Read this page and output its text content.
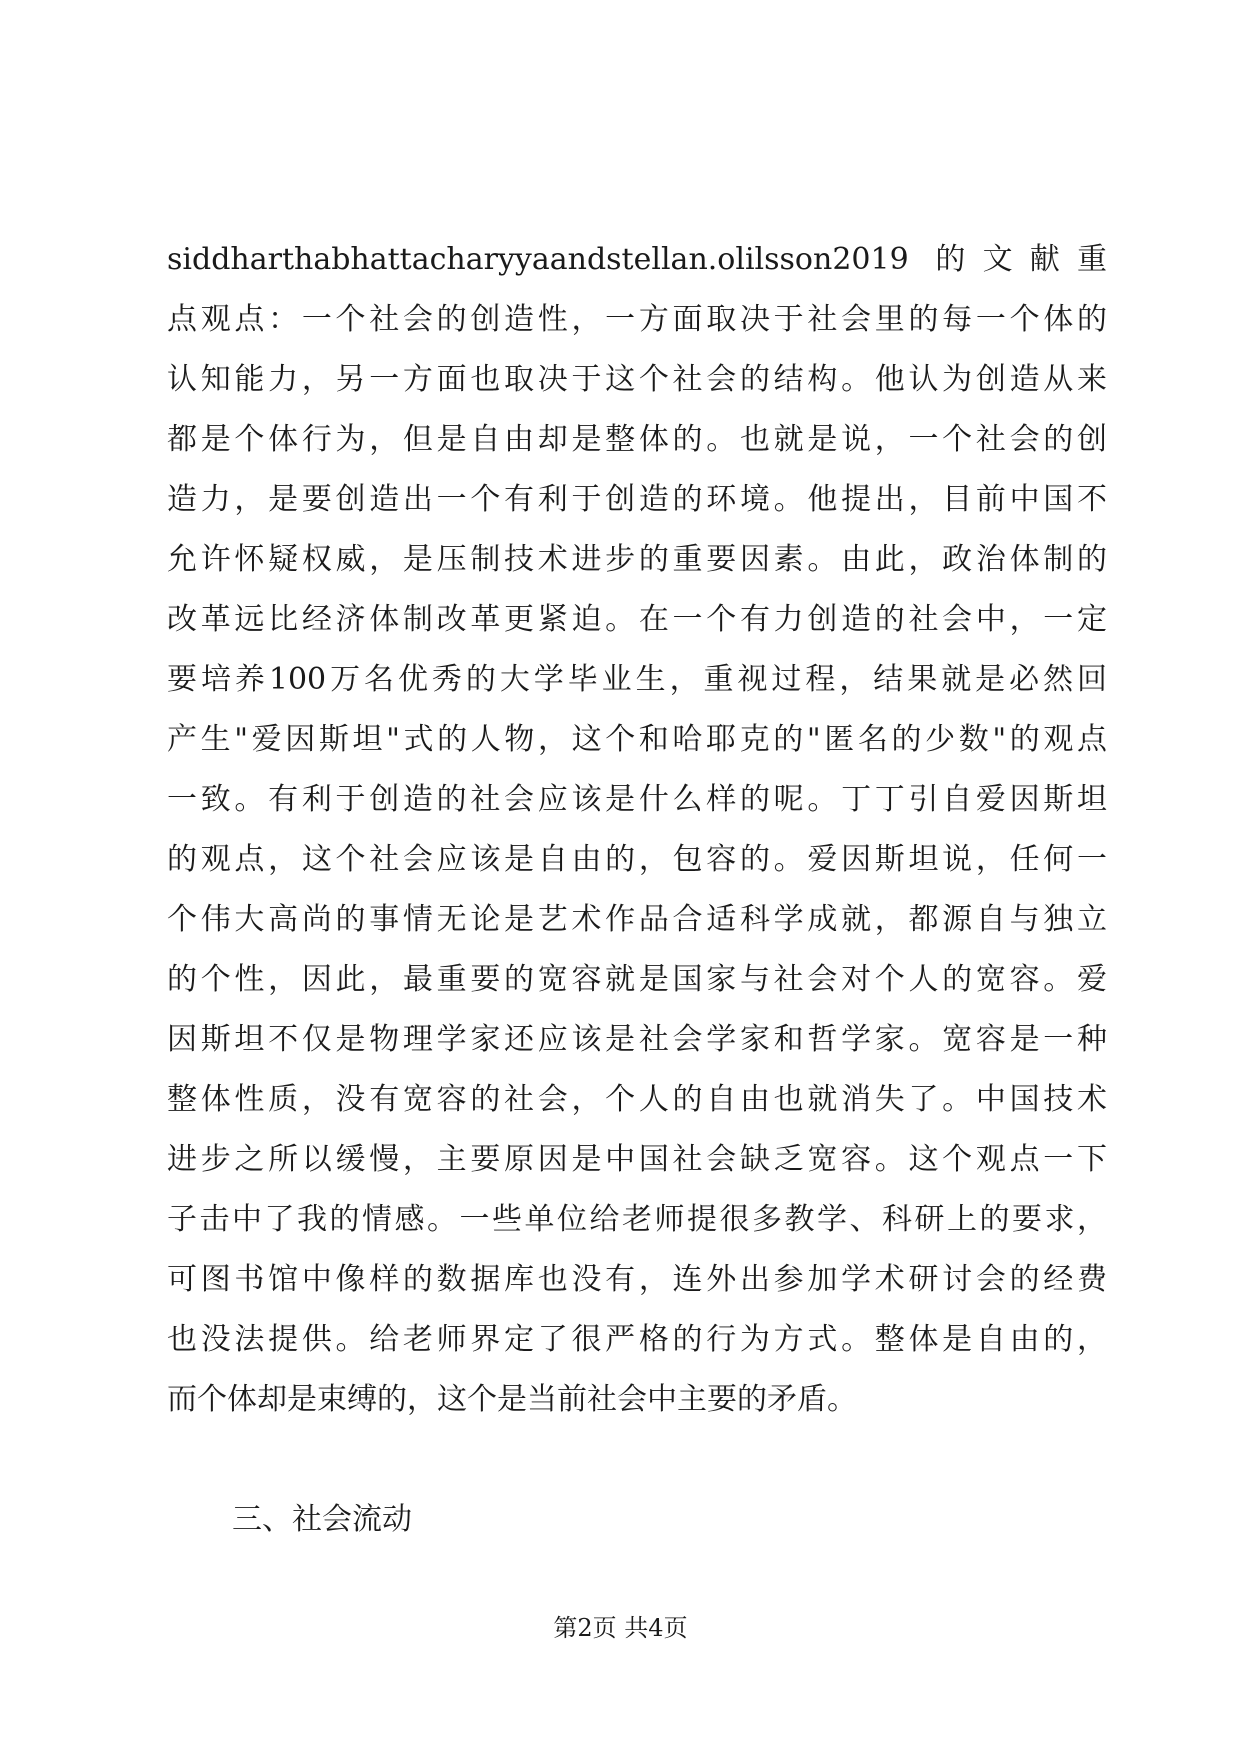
siddharthabhattacharyyaandstellan.olilsson2019 的文献重
点观点：一个社会的创造性，一方面取决于社会里的每一个体的
认知能力，另一方面也取决于这个社会的结构。他认为创造从来
都是个体行为，但是自由却是整体的。也就是说，一个社会的创
造力，是要创造出一个有利于创造的环境。他提出，目前中国不
允许怀疑权威，是压制技术进步的重要因素。由此，政治体制的
改革远比经济体制改革更紧迫。在一个有力创造的社会中，一定
要培养100万名优秀的大学毕业生，重视过程，结果就是必然回
产生"爱因斯坦"式的人物，这个和哈耶克的"匿名的少数"的观点
一致。有利于创造的社会应该是什么样的呢。丁丁引自爱因斯坦
的观点，这个社会应该是自由的，包容的。爱因斯坦说，任何一
个伟大高尚的事情无论是艺术作品合适科学成就，都源自与独立
的个性，因此，最重要的宽容就是国家与社会对个人的宽容。爱
因斯坦不仅是物理学家还应该是社会学家和哲学家。宽容是一种
整体性质，没有宽容的社会，个人的自由也就消失了。中国技术
进步之所以缓慢，主要原因是中国社会缺乏宽容。这个观点一下
子击中了我的情感。一些单位给老师提很多教学、科研上的要求，
可图书馆中像样的数据库也没有，连外出参加学术研讨会的经费
也没法提供。给老师界定了很严格的行为方式。整体是自由的，
而个体却是束缚的，这个是当前社会中主要的矛盾。
三、社会流动
第2页 共4页
